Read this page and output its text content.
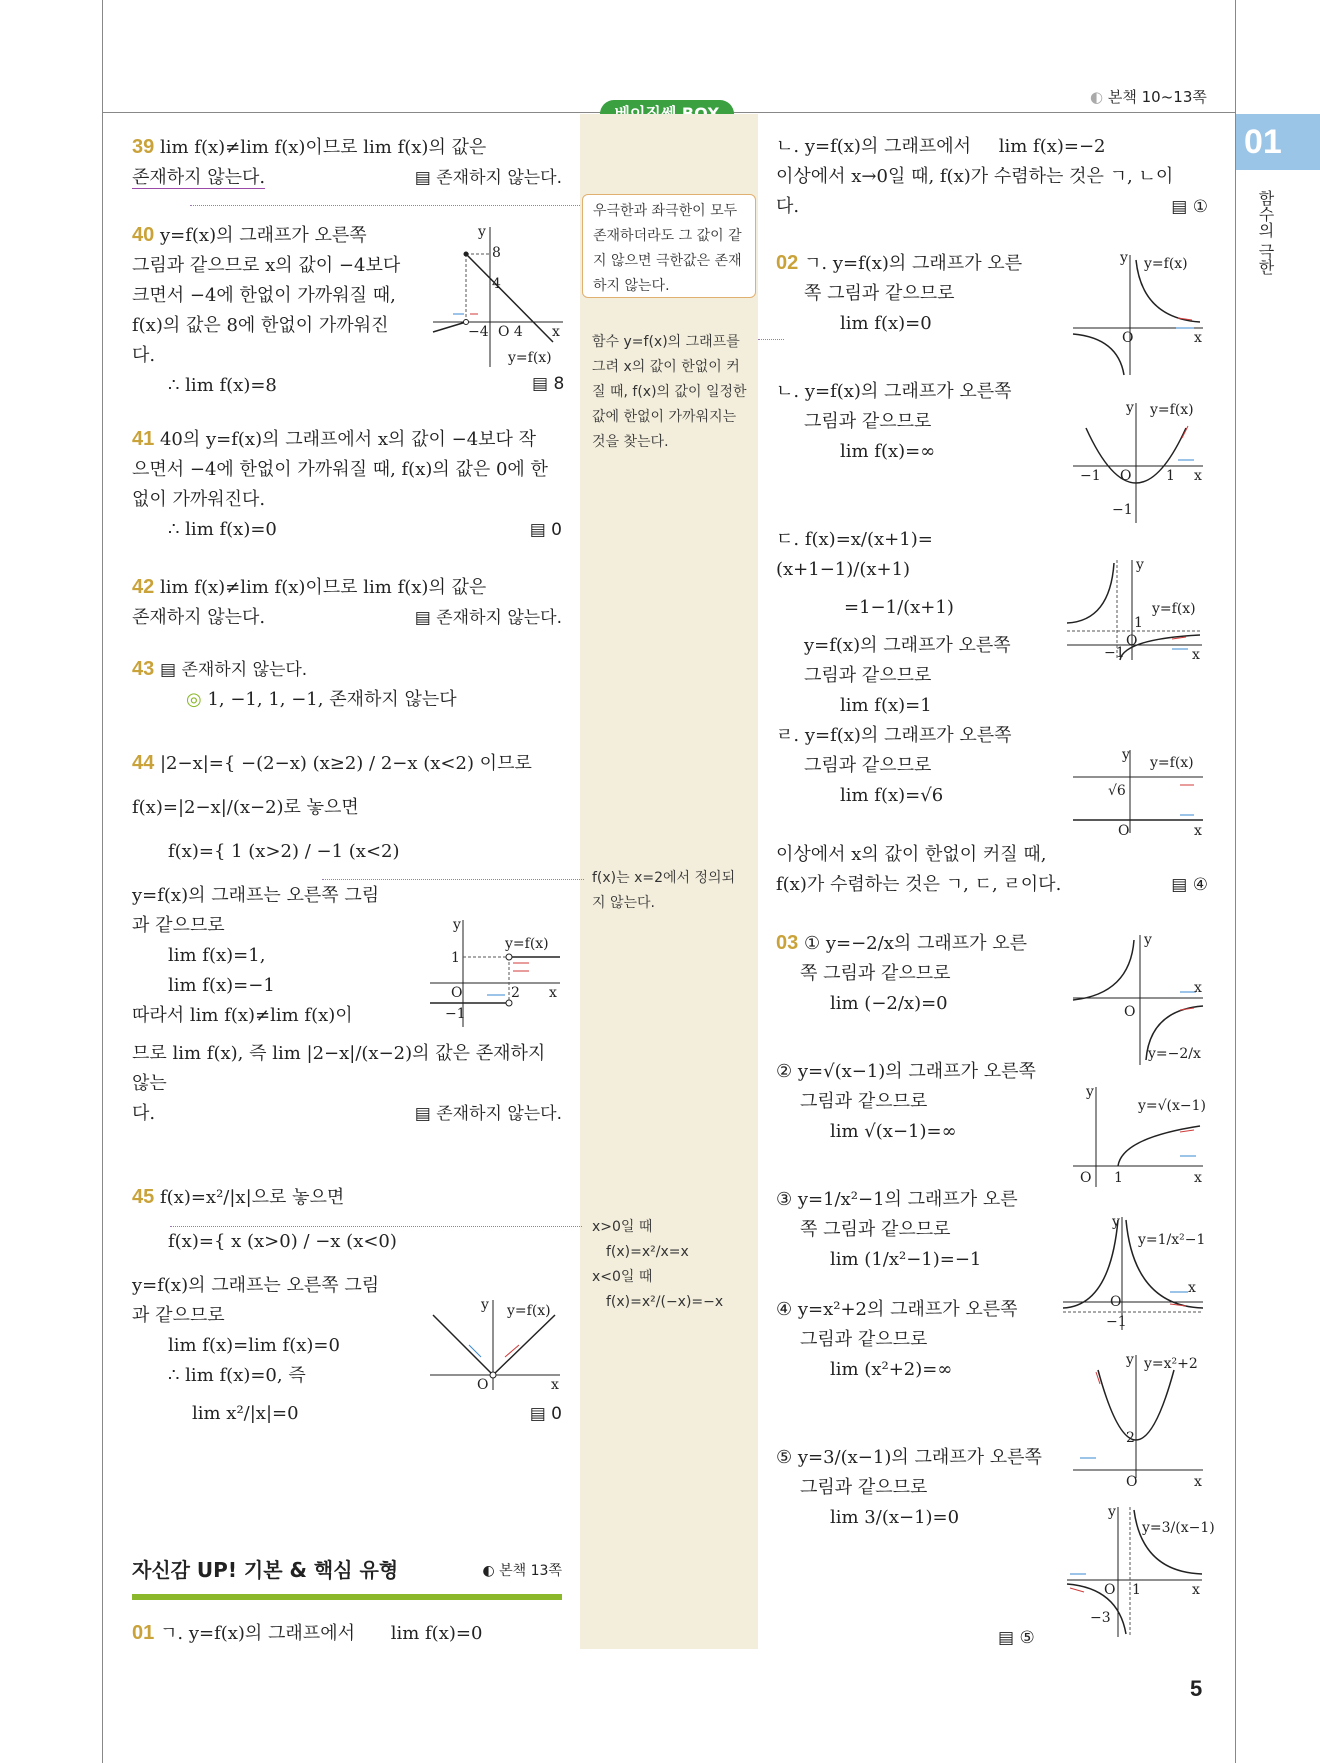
◐ 본책 10~13쪽
01
함수의 극한
우극한과 좌극한이 모두 존재하더라도 그 값이 같지 않으면 극한값은 존재하지 않는다.
함수 y=f(x)의 그래프를 그려 x의 값이 한없이 커질 때, f(x)의 값이 일정한 값에 한없이 가까워지는 것을 찾는다.
f(x)는 x=2에서 정의되지 않는다.
x>0일 때
f(x)=x²/x=x
x<0일 때
f(x)=x²/(−x)=−x
39 lim f(x)≠lim f(x)이므로 lim f(x)의 값은
존재하지 않는다.	▤ 존재하지 않는다.
40 y=f(x)의 그래프가 오른쪽
그림과 같으므로 x의 값이 −4보다
크면서 −4에 한없이 가까워질 때,
f(x)의 값은 8에 한없이 가까워진
다.
∴ lim f(x)=8	▤ 8
8
4
−4 O 4 x
y
y=f(x)
41 40의 y=f(x)의 그래프에서 x의 값이 −4보다 작
으면서 −4에 한없이 가까워질 때, f(x)의 값은 0에 한
없이 가까워진다.
∴ lim f(x)=0	▤ 0
42 lim f(x)≠lim f(x)이므로 lim f(x)의 값은
존재하지 않는다.	▤ 존재하지 않는다.
43 ▤ 존재하지 않는다.
◎ 1, −1, 1, −1, 존재하지 않는다
44 |2−x|={ −(2−x) (x≥2) / 2−x (x<2) 이므로

f(x)=|2−x|/(x−2)로 놓으면
f(x)={ 1 (x>2) / −1 (x<2)
y=f(x)의 그래프는 오른쪽 그림
과 같으므로
lim f(x)=1,
lim f(x)=−1
따라서 lim f(x)≠lim f(x)이
므로 lim f(x), 즉 lim |2−x|/(x−2)의 값은 존재하지 않는
다.	▤ 존재하지 않는다.
1
O	2 x
−1
y
y=f(x)
45 f(x)=x²/|x|으로 놓으면

f(x)={ x (x>0) / −x (x<0)
y=f(x)의 그래프는 오른쪽 그림
과 같으므로
lim f(x)=lim f(x)=0
∴ lim f(x)=0, 즉
lim x²/|x|=0	▤ 0
O	x
y y=f(x)
자신감 UP! 기본 & 핵심 유형	◐ 본책 13쪽
01 ㄱ. y=f(x)의 그래프에서 lim f(x)=0
ㄴ. y=f(x)의 그래프에서 lim f(x)=−2
이상에서 x→0일 때, f(x)가 수렴하는 것은 ㄱ, ㄴ이
다.	▤ ①
02 ㄱ. y=f(x)의 그래프가 오른
쪽 그림과 같으므로
lim f(x)=0
ㄴ. y=f(x)의 그래프가 오른쪽
그림과 같으므로
lim f(x)=∞
ㄷ. f(x)=x/(x+1)=(x+1−1)/(x+1)
=1−1/(x+1)
y=f(x)의 그래프가 오른쪽
그림과 같으므로
lim f(x)=1
ㄹ. y=f(x)의 그래프가 오른쪽
그림과 같으므로
lim f(x)=√6
이상에서 x의 값이 한없이 커질 때,
f(x)가 수렴하는 것은 ㄱ, ㄷ, ㄹ이다.	▤ ④
y y=f(x)
O	x
y y=f(x)
−1 O 1 x
−1
y
y=f(x)
1
O
−1	x
y y=f(x)
√6
O	x
03 ① y=−2/x의 그래프가 오른
쪽 그림과 같으므로
lim (−2/x)=0
② y=√(x−1)의 그래프가 오른쪽
그림과 같으므로
lim √(x−1)=∞
③ y=1/x²−1의 그래프가 오른
쪽 그림과 같으므로
lim (1/x²−1)=−1
④ y=x²+2의 그래프가 오른쪽
그림과 같으므로
lim (x²+2)=∞
⑤ y=3/(x−1)의 그래프가 오른쪽
그림과 같으므로
lim 3/(x−1)=0
▤ ⑤
y
O
x
y=−2/x
y
y=√(x−1)
O 1	x
y
y=1/x²−1
O
−1
x
y y=x²+2
2
O	x
y
y=3/(x−1)
O 1	x
−3
5
